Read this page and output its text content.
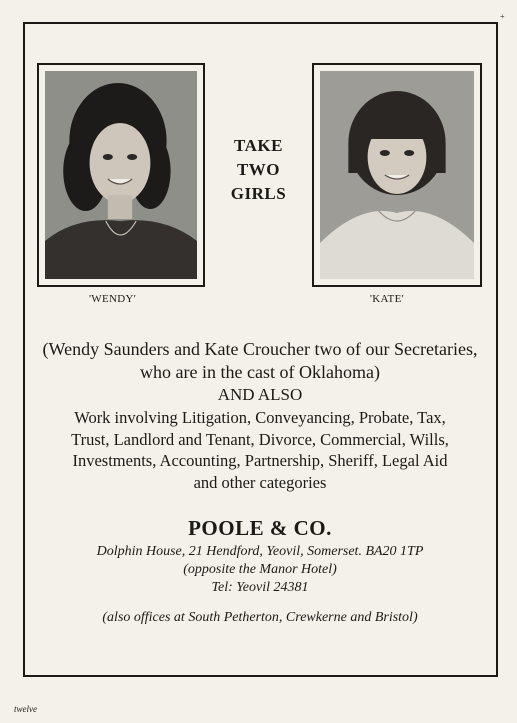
+
TAKE
TWO
GIRLS
'WENDY'	'KATE'
(Wendy Saunders and Kate Croucher two of our Secretaries,
who are in the cast of Oklahoma)
AND ALSO
Work involving Litigation, Conveyancing, Probate, Tax,
Trust, Landlord and Tenant, Divorce, Commercial, Wills,
Investments, Accounting, Partnership, Sheriff, Legal Aid
and other categories
POOLE & CO.
Dolphin House, 21 Hendford, Yeovil, Somerset. BA20 1TP
(opposite the Manor Hotel)
Tel: Yeovil 24381
(also offices at South Petherton, Crewkerne and Bristol)
twelve
